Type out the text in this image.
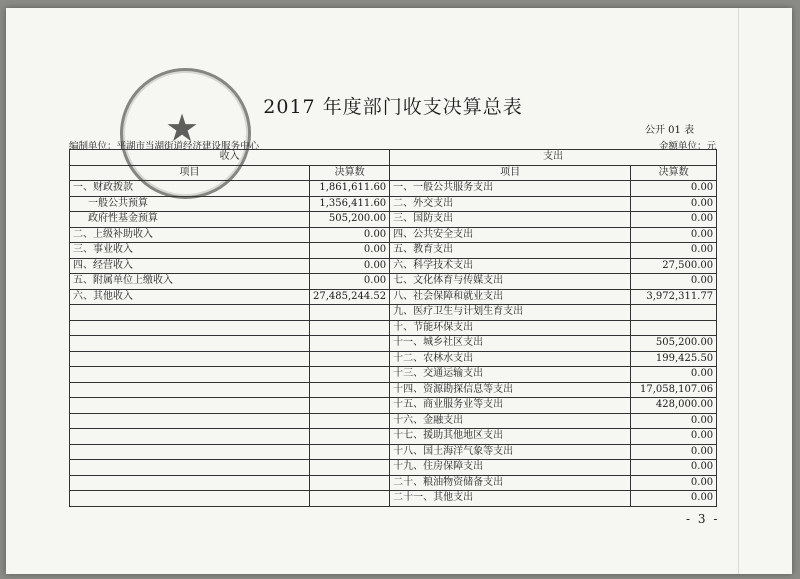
★	2017 年度部门收支决算总表
公开 01 表
编制单位：平湖市当湖街道经济建设服务中心	金额单位：元
收入		支出	
项目	决算数	项目	决算数
一、财政拨款	1,861,611.60	一、一般公共服务支出	0.00
一般公共预算	1,356,411.60	二、外交支出	0.00
政府性基金预算	505,200.00	三、国防支出	0.00
二、上级补助收入	0.00	四、公共安全支出	0.00
三、事业收入	0.00	五、教育支出	0.00
四、经营收入	0.00	六、科学技术支出	27,500.00
五、附属单位上缴收入	0.00	七、文化体育与传媒支出	0.00
六、其他收入	27,485,244.52	八、社会保障和就业支出	3,972,311.77
		九、医疗卫生与计划生育支出	
		十、节能环保支出	
		十一、城乡社区支出	505,200.00
		十二、农林水支出	199,425.50
		十三、交通运输支出	0.00
		十四、资源勘探信息等支出	17,058,107.06
		十五、商业服务业等支出	428,000.00
		十六、金融支出	0.00
		十七、援助其他地区支出	0.00
		十八、国土海洋气象等支出	0.00
		十九、住房保障支出	0.00
		二十、粮油物资储备支出	0.00
		二十一、其他支出	0.00
- 3 -
